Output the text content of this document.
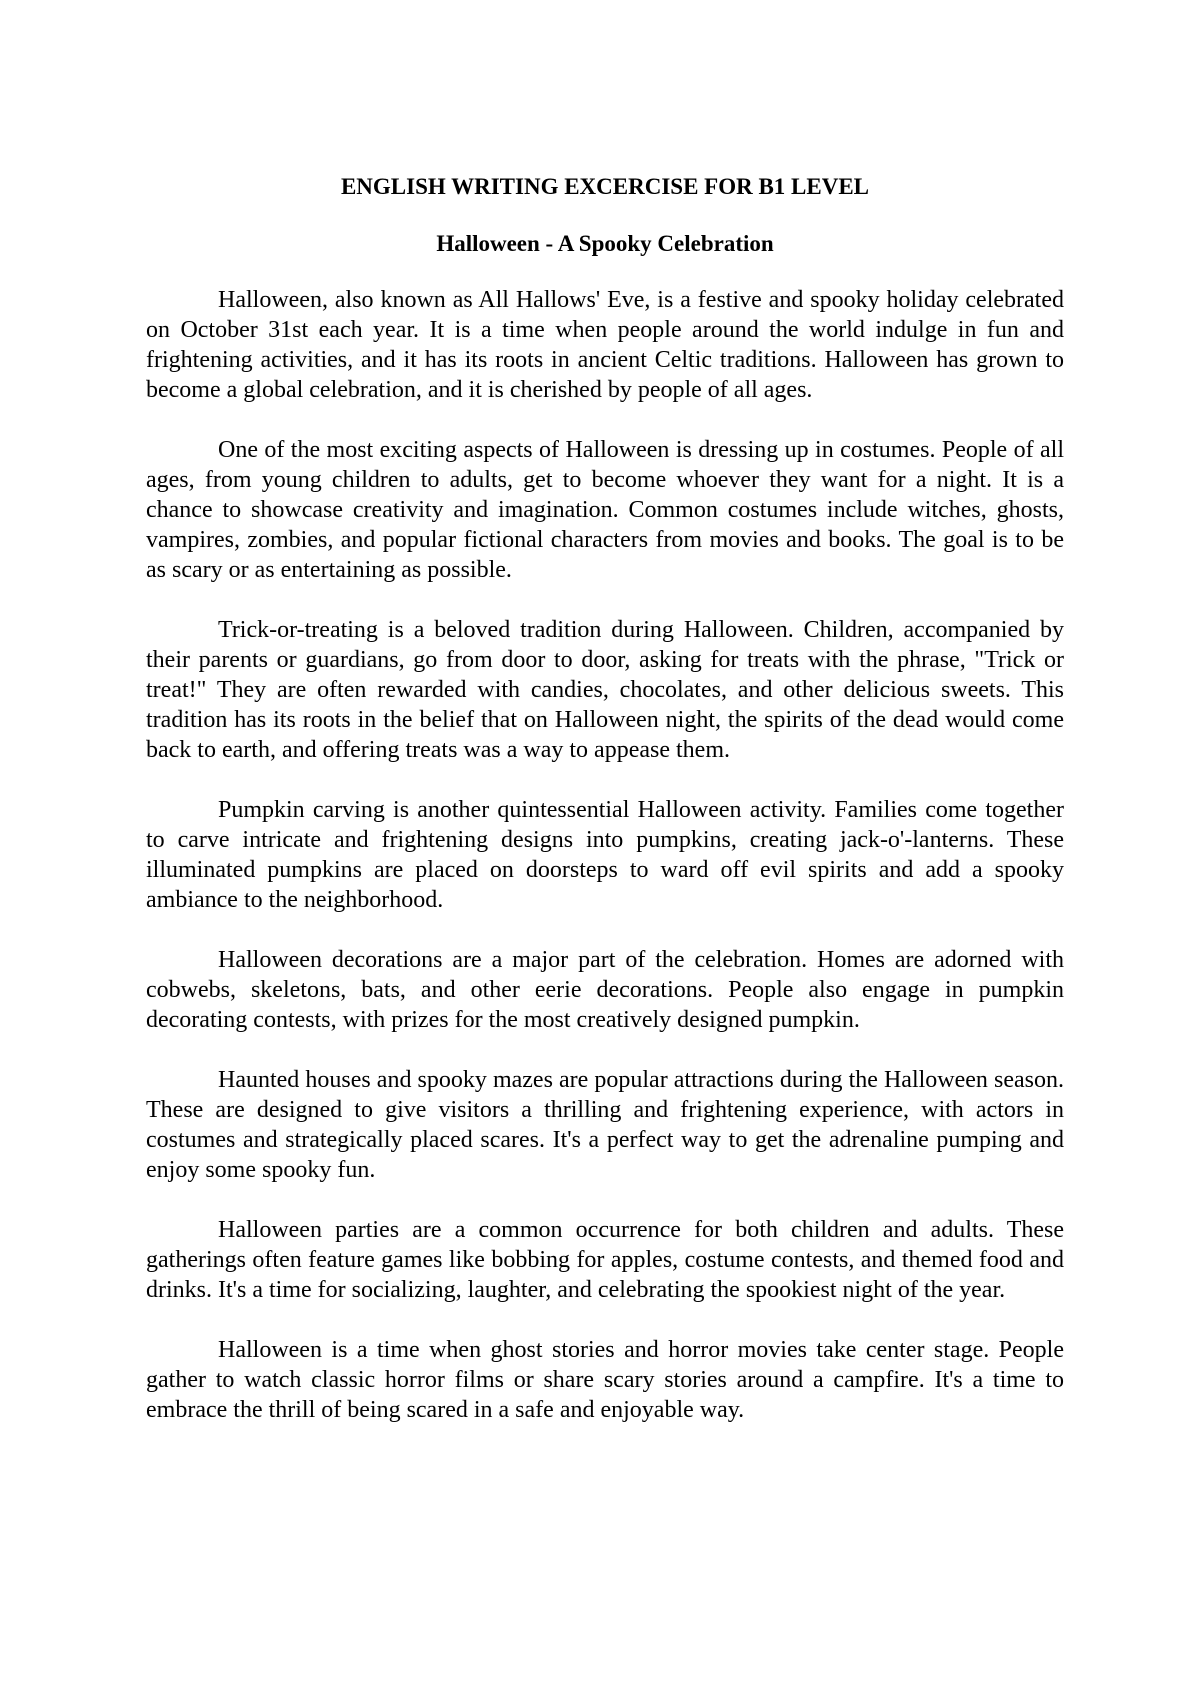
ENGLISH WRITING EXCERCISE FOR B1 LEVEL
Halloween - A Spooky Celebration

Halloween, also known as All Hallows' Eve, is a festive and spooky holiday celebrated on October 31st each year. It is a time when people around the world indulge in fun and frightening activities, and it has its roots in ancient Celtic traditions. Halloween has grown to become a global celebration, and it is cherished by people of all ages.

One of the most exciting aspects of Halloween is dressing up in costumes. People of all ages, from young children to adults, get to become whoever they want for a night. It is a chance to showcase creativity and imagination. Common costumes include witches, ghosts, vampires, zombies, and popular fictional characters from movies and books. The goal is to be as scary or as entertaining as possible.

Trick-or-treating is a beloved tradition during Halloween. Children, accompanied by their parents or guardians, go from door to door, asking for treats with the phrase, "Trick or treat!" They are often rewarded with candies, chocolates, and other delicious sweets. This tradition has its roots in the belief that on Halloween night, the spirits of the dead would come back to earth, and offering treats was a way to appease them.

Pumpkin carving is another quintessential Halloween activity. Families come together to carve intricate and frightening designs into pumpkins, creating jack-o'-lanterns. These illuminated pumpkins are placed on doorsteps to ward off evil spirits and add a spooky ambiance to the neighborhood.

Halloween decorations are a major part of the celebration. Homes are adorned with cobwebs, skeletons, bats, and other eerie decorations. People also engage in pumpkin decorating contests, with prizes for the most creatively designed pumpkin.

Haunted houses and spooky mazes are popular attractions during the Halloween season. These are designed to give visitors a thrilling and frightening experience, with actors in costumes and strategically placed scares. It's a perfect way to get the adrenaline pumping and enjoy some spooky fun.

Halloween parties are a common occurrence for both children and adults. These gatherings often feature games like bobbing for apples, costume contests, and themed food and drinks. It's a time for socializing, laughter, and celebrating the spookiest night of the year.

Halloween is a time when ghost stories and horror movies take center stage. People gather to watch classic horror films or share scary stories around a campfire. It's a time to embrace the thrill of being scared in a safe and enjoyable way.
